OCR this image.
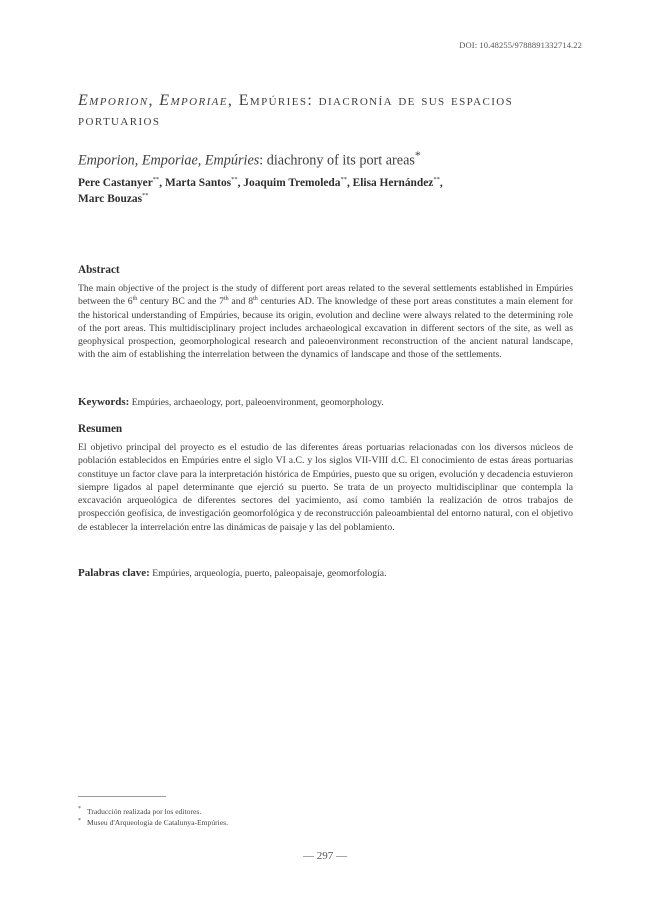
DOI: 10.48255/9788891332714.22
Emporion, Emporiae, Empúries: diacronía de sus espacios portuarios
Emporion, Emporiae, Empúries: diachrony of its port areas*

Pere Castanyer**, Marta Santos**, Joaquim Tremoleda**, Elisa Hernández**,
Marc Bouzas**

Abstract

The main objective of the project is the study of different port areas related to the several settlements established in Empúries between the 6th century BC and the 7th and 8th centuries AD. The knowledge of these port areas constitutes a main element for the historical understanding of Empúries, because its origin, evolution and decline were always related to the determining role of the port areas. This multidisciplinary project includes archaeological excavation in different sectors of the site, as well as geophysical prospection, geomorphological research and paleoenvironment reconstruction of the ancient natural landscape, with the aim of establishing the interrelation between the dynamics of landscape and those of the settlements.

Keywords: Empúries, archaeology, port, paleoenvironment, geomorphology.

Resumen

El objetivo principal del proyecto es el estudio de las diferentes áreas portuarias relacionadas con los diversos núcleos de población establecidos en Empúries entre el siglo VI a.C. y los siglos VII-VIII d.C. El conocimiento de estas áreas portuarias constituye un factor clave para la interpretación histórica de Empúries, puesto que su origen, evolución y decadencia estuvieron siempre ligados al papel determinante que ejerció su puerto. Se trata de un proyecto multidisciplinar que contempla la excavación arqueológica de diferentes sectores del yacimiento, así como también la realización de otros trabajos de prospección geofísica, de investigación geomorfológica y de reconstrucción paleoambiental del entorno natural, con el objetivo de establecer la interrelación entre las dinámicas de paisaje y las del poblamiento.

Palabras clave: Empúries, arqueología, puerto, paleopaisaje, geomorfología.

* Traducción realizada por los editores.
* Museu d'Arqueologia de Catalunya-Empúries.
— 297 —
